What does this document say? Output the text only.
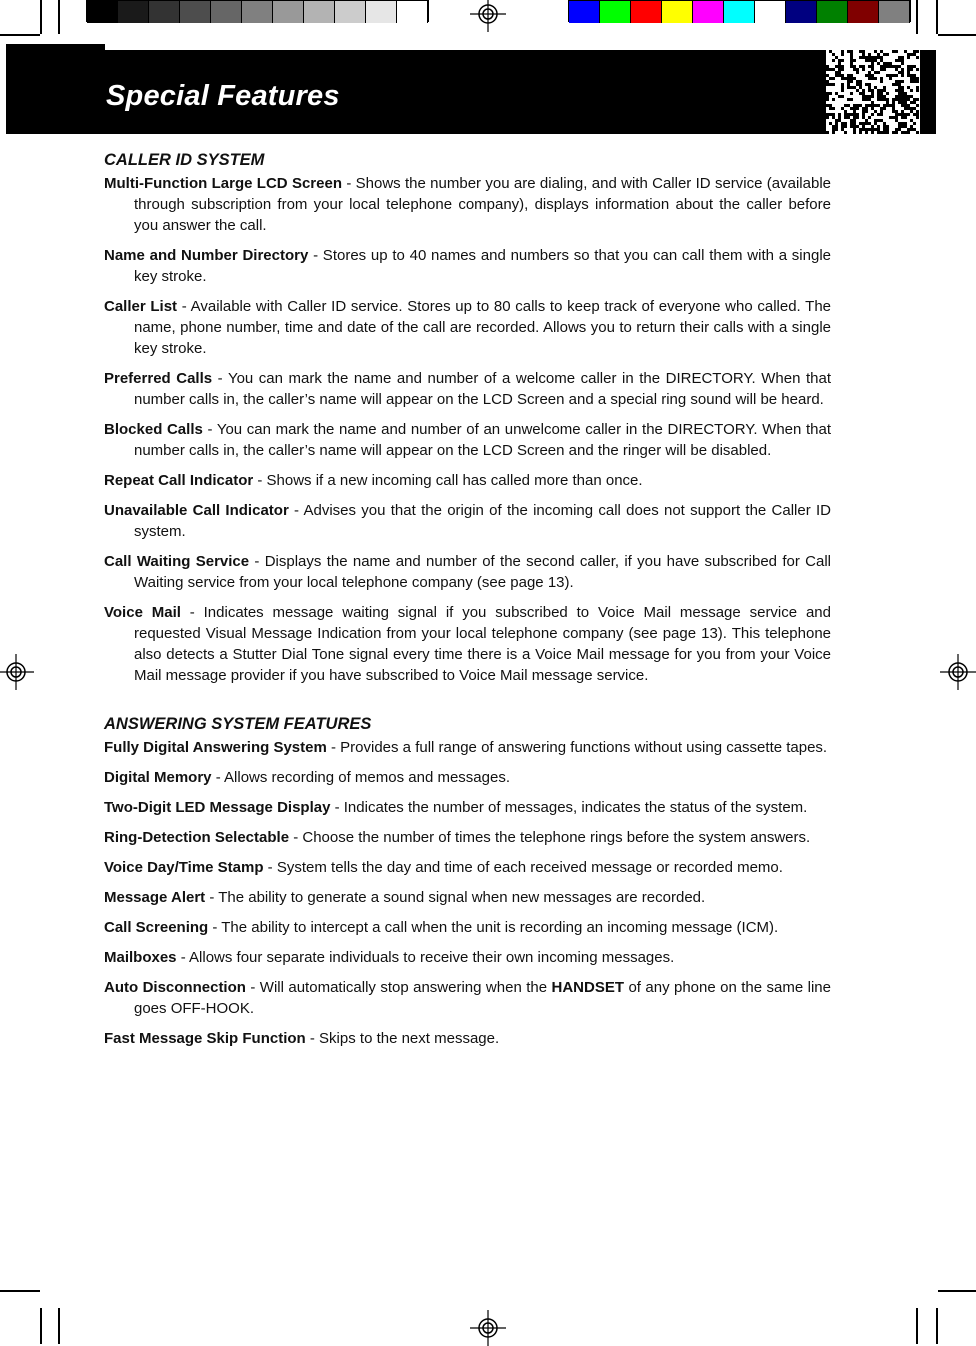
Special Features
CALLER ID SYSTEM
Multi-Function Large LCD Screen - Shows the number you are dialing, and with Caller ID service (available through subscription from your local telephone company), displays information about the caller before you answer the call.
Name and Number Directory - Stores up to 40 names and numbers so that you can call them with a single key stroke.
Caller List - Available with Caller ID service. Stores up to 80 calls to keep track of everyone who called. The name, phone number, time and date of the call are recorded. Allows you to return their calls with a single key stroke.
Preferred Calls - You can mark the name and number of a welcome caller in the DIRECTORY. When that number calls in, the caller’s name will appear on the LCD Screen and a special ring sound will be heard.
Blocked Calls - You can mark the name and number of an unwelcome caller in the DIRECTORY. When that number calls in, the caller’s name will appear on the LCD Screen and the ringer will be disabled.
Repeat Call Indicator - Shows if a new incoming call has called more than once.
Unavailable Call Indicator - Advises you that the origin of the incoming call does not support the Caller ID system.
Call Waiting Service - Displays the name and number of the second caller, if you have subscribed for Call Waiting service from your local telephone company (see page 13).
Voice Mail - Indicates message waiting signal if you subscribed to Voice Mail message service and requested Visual Message Indication from your local telephone company (see page 13). This telephone also detects a Stutter Dial Tone signal every time there is a Voice Mail message for you from your Voice Mail message provider if you have subscribed to Voice Mail message service.
ANSWERING SYSTEM FEATURES
Fully Digital Answering System - Provides a full range of answering functions without using cassette tapes.
Digital Memory - Allows recording of memos and messages.
Two-Digit LED Message Display - Indicates the number of messages, indicates the status of the system.
Ring-Detection Selectable - Choose the number of times the telephone rings before the system answers.
Voice Day/Time Stamp - System tells the day and time of each received message or recorded memo.
Message Alert - The ability to generate a sound signal when new messages are recorded.
Call Screening - The ability to intercept a call when the unit is recording an incoming message (ICM).
Mailboxes - Allows four separate individuals to receive their own incoming messages.
Auto Disconnection - Will automatically stop answering when the HANDSET of any phone on the same line goes OFF-HOOK.
Fast Message Skip Function - Skips to the next message.
